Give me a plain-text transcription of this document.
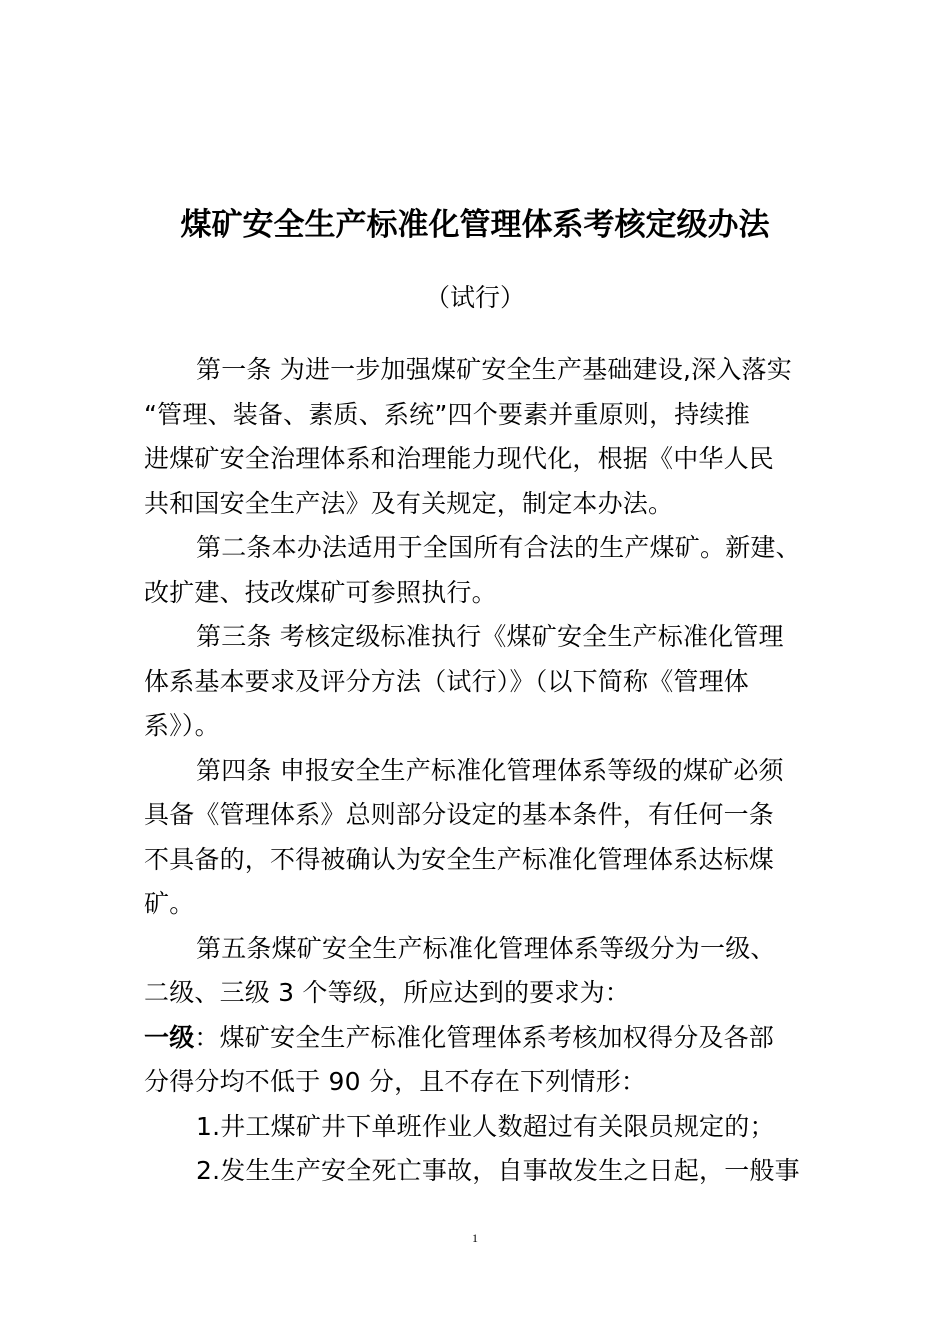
煤矿安全生产标准化管理体系考核定级办法
（试行）
第一条 为进一步加强煤矿安全生产基础建设,深入落实
“管理、装备、素质、系统”四个要素并重原则，持续推
进煤矿安全治理体系和治理能力现代化，根据《中华人民
共和国安全生产法》及有关规定，制定本办法。
第二条本办法适用于全国所有合法的生产煤矿。新建、
改扩建、技改煤矿可参照执行。
第三条 考核定级标准执行《煤矿安全生产标准化管理
体系基本要求及评分方法（试行）》（以下简称《管理体
系》）。
第四条 申报安全生产标准化管理体系等级的煤矿必须
具备《管理体系》总则部分设定的基本条件，有任何一条
不具备的，不得被确认为安全生产标准化管理体系达标煤
矿。
第五条煤矿安全生产标准化管理体系等级分为一级、
二级、三级 3 个等级，所应达到的要求为：
一级：煤矿安全生产标准化管理体系考核加权得分及各部
分得分均不低于 90 分，且不存在下列情形：
1.井工煤矿井下单班作业人数超过有关限员规定的；
2.发生生产安全死亡事故，自事故发生之日起，一般事
1
